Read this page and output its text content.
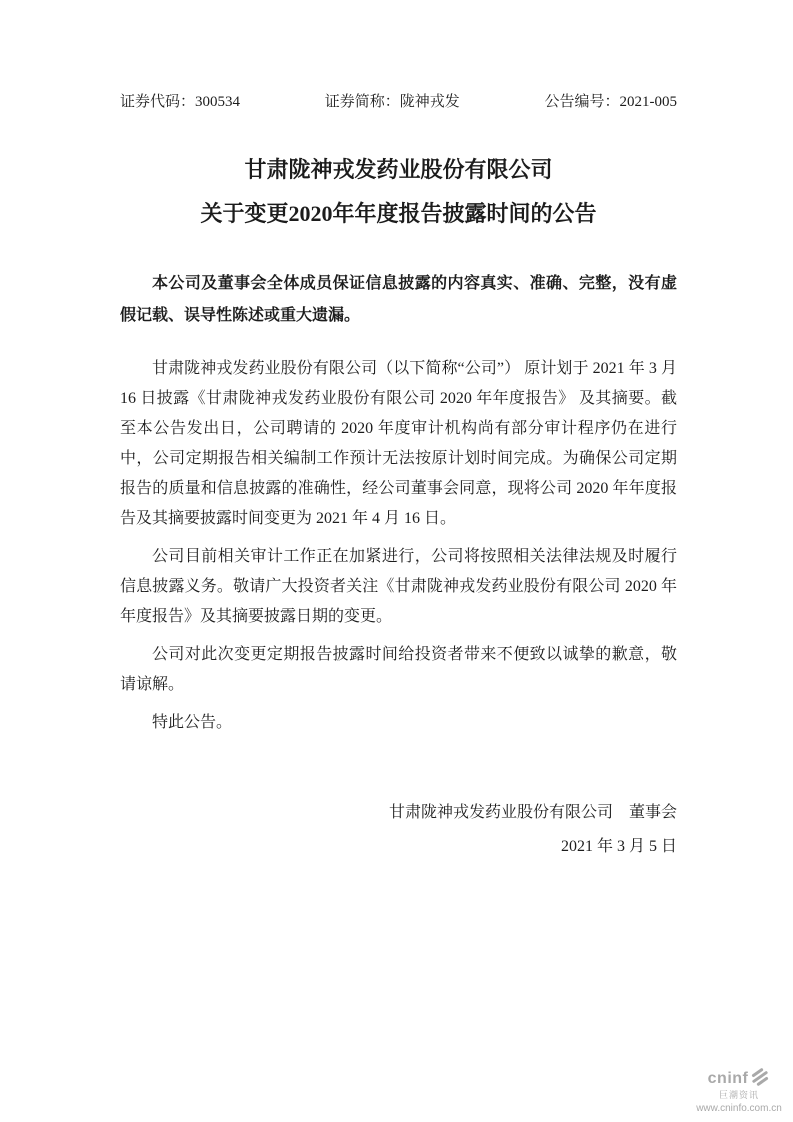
证券代码：300534	证券简称：陇神戎发	公告编号：2021-005
甘肃陇神戎发药业股份有限公司
关于变更2020年年度报告披露时间的公告

本公司及董事会全体成员保证信息披露的内容真实、准确、完整，没有虚假记载、误导性陈述或重大遗漏。

甘肃陇神戎发药业股份有限公司（以下简称“公司”） 原计划于 2021 年 3 月 16 日披露《甘肃陇神戎发药业股份有限公司 2020 年年度报告》 及其摘要。截至本公告发出日，公司聘请的 2020 年度审计机构尚有部分审计程序仍在进行中，公司定期报告相关编制工作预计无法按原计划时间完成。为确保公司定期报告的质量和信息披露的准确性，经公司董事会同意，现将公司 2020 年年度报告及其摘要披露时间变更为 2021 年 4 月 16 日。

公司目前相关审计工作正在加紧进行，公司将按照相关法律法规及时履行信息披露义务。敬请广大投资者关注《甘肃陇神戎发药业股份有限公司 2020 年年度报告》及其摘要披露日期的变更。

公司对此次变更定期报告披露时间给投资者带来不便致以诚挚的歉意，敬请谅解。

特此公告。

甘肃陇神戎发药业股份有限公司　董事会
2021 年 3 月 5 日
cninf
巨潮资讯
www.cninfo.com.cn
